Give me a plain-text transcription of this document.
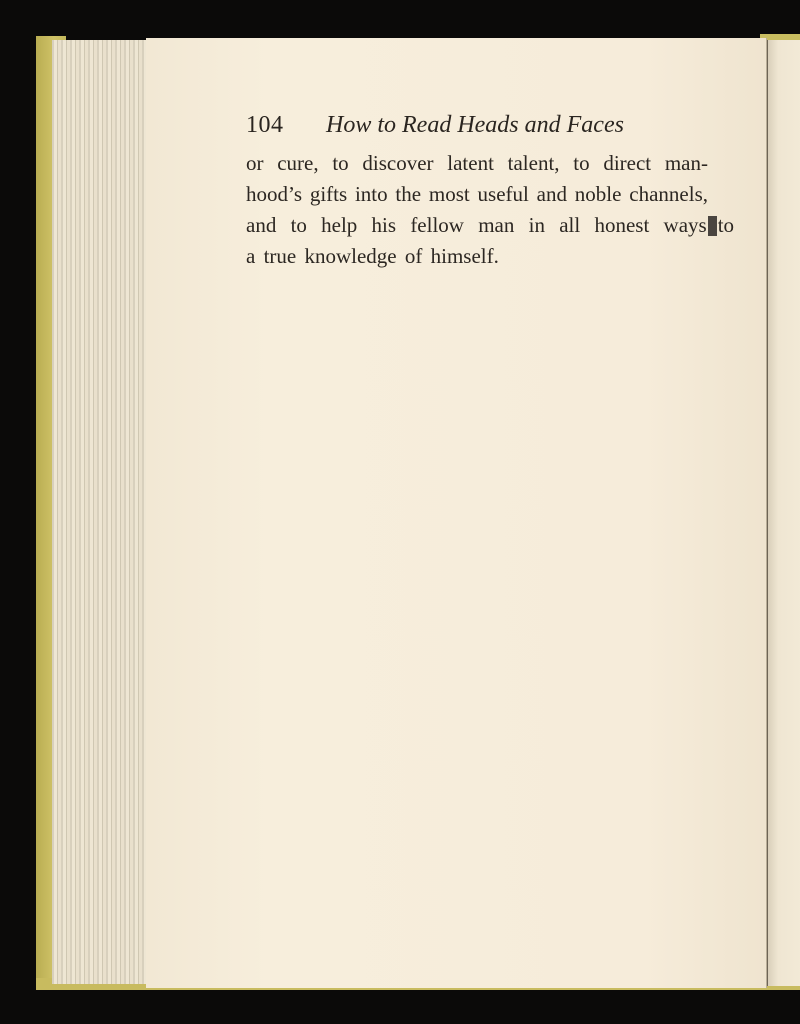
104 How to Read Heads and Faces
or cure, to discover latent talent, to direct man-
hood’s gifts into the most useful and noble channels,
and to help his fellow man in all honest ways to
a true knowledge of himself.
